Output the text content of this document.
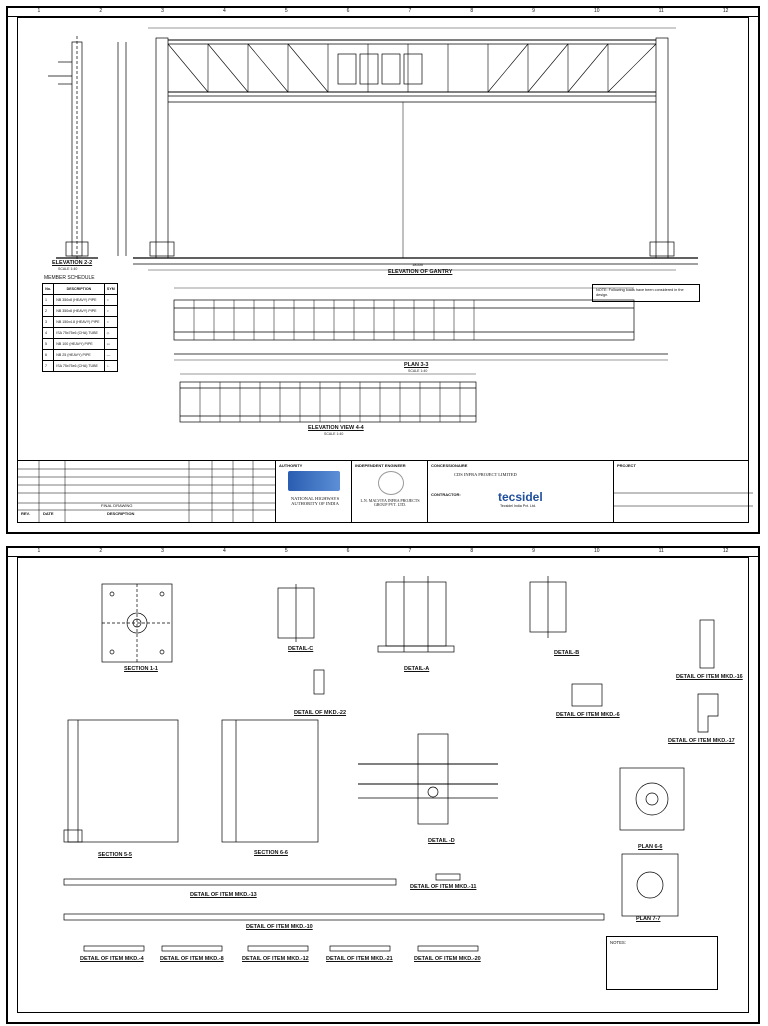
1	2	3	4	5	6	7	8	9	10	11	12
ELEVATION 2-2
SCALE 1:40	ELEVATION OF GANTRY
18550
PLAN 3-3
SCALE 1:40
ELEVATION VIEW 4-4
SCALE 1:40
MEMBER SCHEDULE
No.	DESCRIPTION	SYM
1	NB 350x8 (HEAVY) PIPE	○
2	NB 350x8 (HEAVY) PIPE	○
3	NB 150x4.8 (HEAVY) PIPE	○
4	ISA 75x75x6 (CHA) TUBE	◇
5	NB 100 (HEAVY) PIPE	▭
6	NB 25 (HEAVY) PIPE	—
7	ISA 75x75x6 (CHA) TUBE	∟
NOTE: Following loads have been considered in the design.
REV.	DATE	DESCRIPTION
FINAL DRAWING
AUTHORITY
NATIONAL HIGHWAYS AUTHORITY OF INDIA
INDEPENDENT ENGINEER
L.N. MALVIYA INFRA PROJECTS GROUP PVT. LTD.
CONCESSIONAIRE
CDS INFRA PROJECT LIMITED
CONTRACTOR:	tecsidel
Tecsidel India Pvt. Ltd.
PROJECT
1	2	3	4	5	6	7	8	9	10	11	12
SECTION 1-1
DETAIL-C
DETAIL-A
DETAIL-B
DETAIL OF ITEM MKD.-16
DETAIL OF MKD.-22	DETAIL OF ITEM MKD.-6
DETAIL OF ITEM MKD.-17
SECTION 5-5	SECTION 6-6
DETAIL -D
PLAN 6-6
PLAN 7-7
DETAIL OF ITEM MKD.-13
DETAIL OF ITEM MKD.-11
DETAIL OF ITEM MKD.-10
DETAIL OF ITEM MKD.-4	DETAIL OF ITEM MKD.-8	DETAIL OF ITEM MKD.-12	DETAIL OF ITEM MKD.-21	DETAIL OF ITEM MKD.-20
NOTES:
